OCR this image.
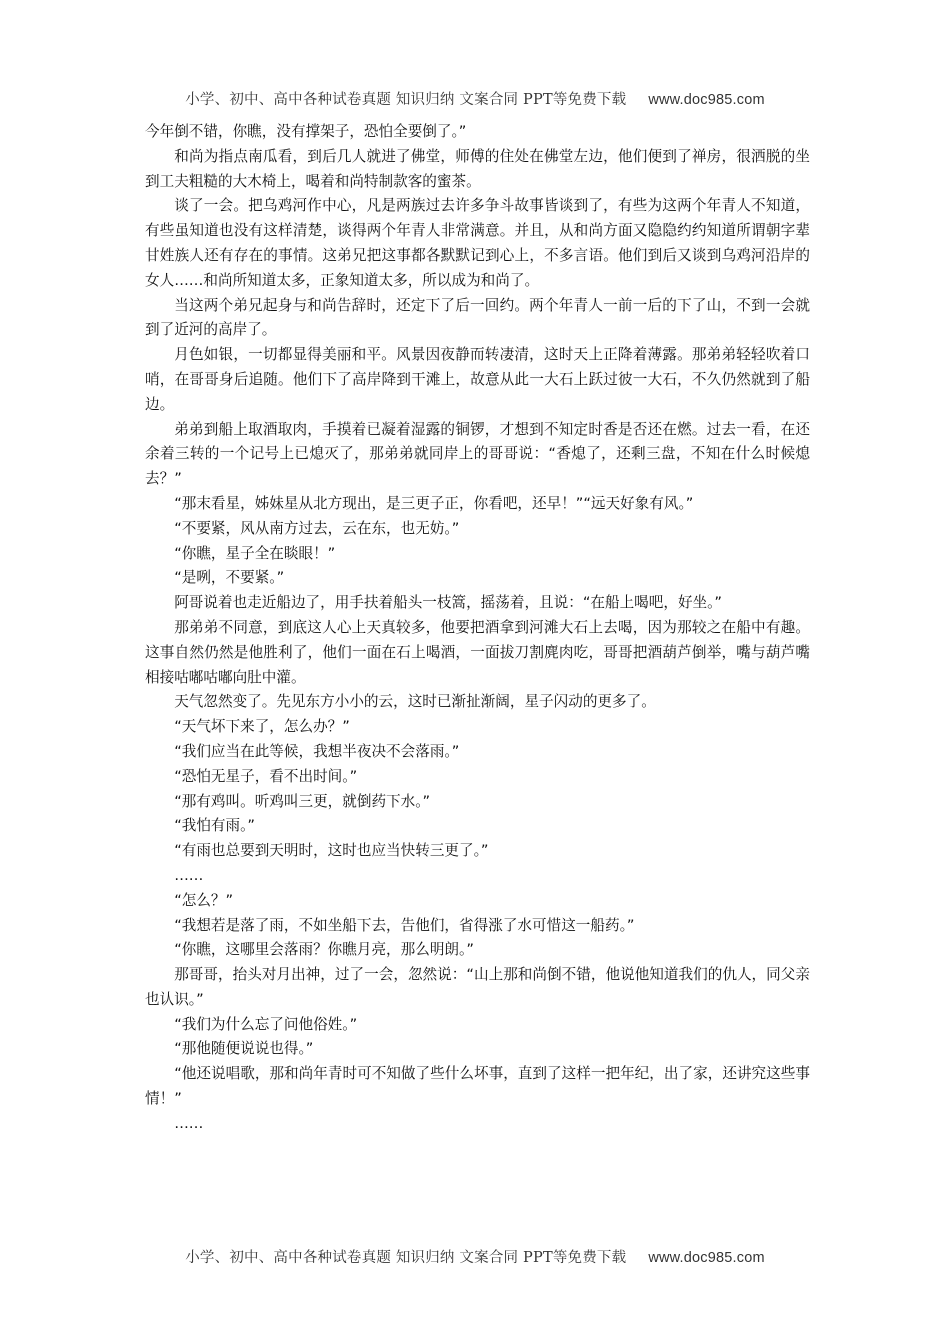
小学、初中、高中各种试卷真题 知识归纳 文案合同 PPT等免费下载 www.doc985.com

今年倒不错，你瞧，没有撑架子，恐怕全要倒了。”

和尚为指点南瓜看，到后几人就进了佛堂，师傅的住处在佛堂左边，他们便到了禅房，很洒脱的坐到工夫粗糙的大木椅上，喝着和尚特制款客的蜜茶。

谈了一会。把乌鸡河作中心，凡是两族过去许多争斗故事皆谈到了，有些为这两个年青人不知道，有些虽知道也没有这样清楚，谈得两个年青人非常满意。并且，从和尚方面又隐隐约约知道所谓朝字辈甘姓族人还有存在的事情。这弟兄把这事都各默默记到心上，不多言语。他们到后又谈到乌鸡河沿岸的女人……和尚所知道太多，正象知道太多，所以成为和尚了。

当这两个弟兄起身与和尚告辞时，还定下了后一回约。两个年青人一前一后的下了山，不到一会就到了近河的高岸了。

月色如银，一切都显得美丽和平。风景因夜静而转凄清，这时天上正降着薄露。那弟弟轻轻吹着口哨，在哥哥身后追随。他们下了高岸降到干滩上，故意从此一大石上跃过彼一大石，不久仍然就到了船边。

弟弟到船上取酒取肉，手摸着已凝着湿露的铜锣，才想到不知定时香是否还在燃。过去一看，在还余着三转的一个记号上已熄灭了，那弟弟就同岸上的哥哥说：“香熄了，还剩三盘，不知在什么时候熄去？”

“那末看星，姊妹星从北方现出，是三更子正，你看吧，还早！”“远天好象有风。”

“不要紧，风从南方过去，云在东，也无妨。”

“你瞧，星子全在睒眼！”

“是咧，不要紧。”

阿哥说着也走近船边了，用手扶着船头一枝篙，摇荡着，且说：“在船上喝吧，好坐。”

那弟弟不同意，到底这人心上天真较多，他要把酒拿到河滩大石上去喝，因为那较之在船中有趣。这事自然仍然是他胜利了，他们一面在石上喝酒，一面拔刀割麂肉吃，哥哥把酒葫芦倒举，嘴与葫芦嘴相接咕嘟咕嘟向肚中灌。

天气忽然变了。先见东方小小的云，这时已渐扯渐阔，星子闪动的更多了。

“天气坏下来了，怎么办？”

“我们应当在此等候，我想半夜决不会落雨。”

“恐怕无星子，看不出时间。”

“那有鸡叫。听鸡叫三更，就倒药下水。”

“我怕有雨。”

“有雨也总要到天明时，这时也应当快转三更了。”

……

“怎么？”

“我想若是落了雨，不如坐船下去，告他们，省得涨了水可惜这一船药。”

“你瞧，这哪里会落雨？你瞧月亮，那么明朗。”

那哥哥，抬头对月出神，过了一会，忽然说：“山上那和尚倒不错，他说他知道我们的仇人，同父亲也认识。”

“我们为什么忘了问他俗姓。”

“那他随便说说也得。”

“他还说唱歌，那和尚年青时可不知做了些什么坏事，直到了这样一把年纪，出了家，还讲究这些事情！”

……

小学、初中、高中各种试卷真题 知识归纳 文案合同 PPT等免费下载 www.doc985.com
